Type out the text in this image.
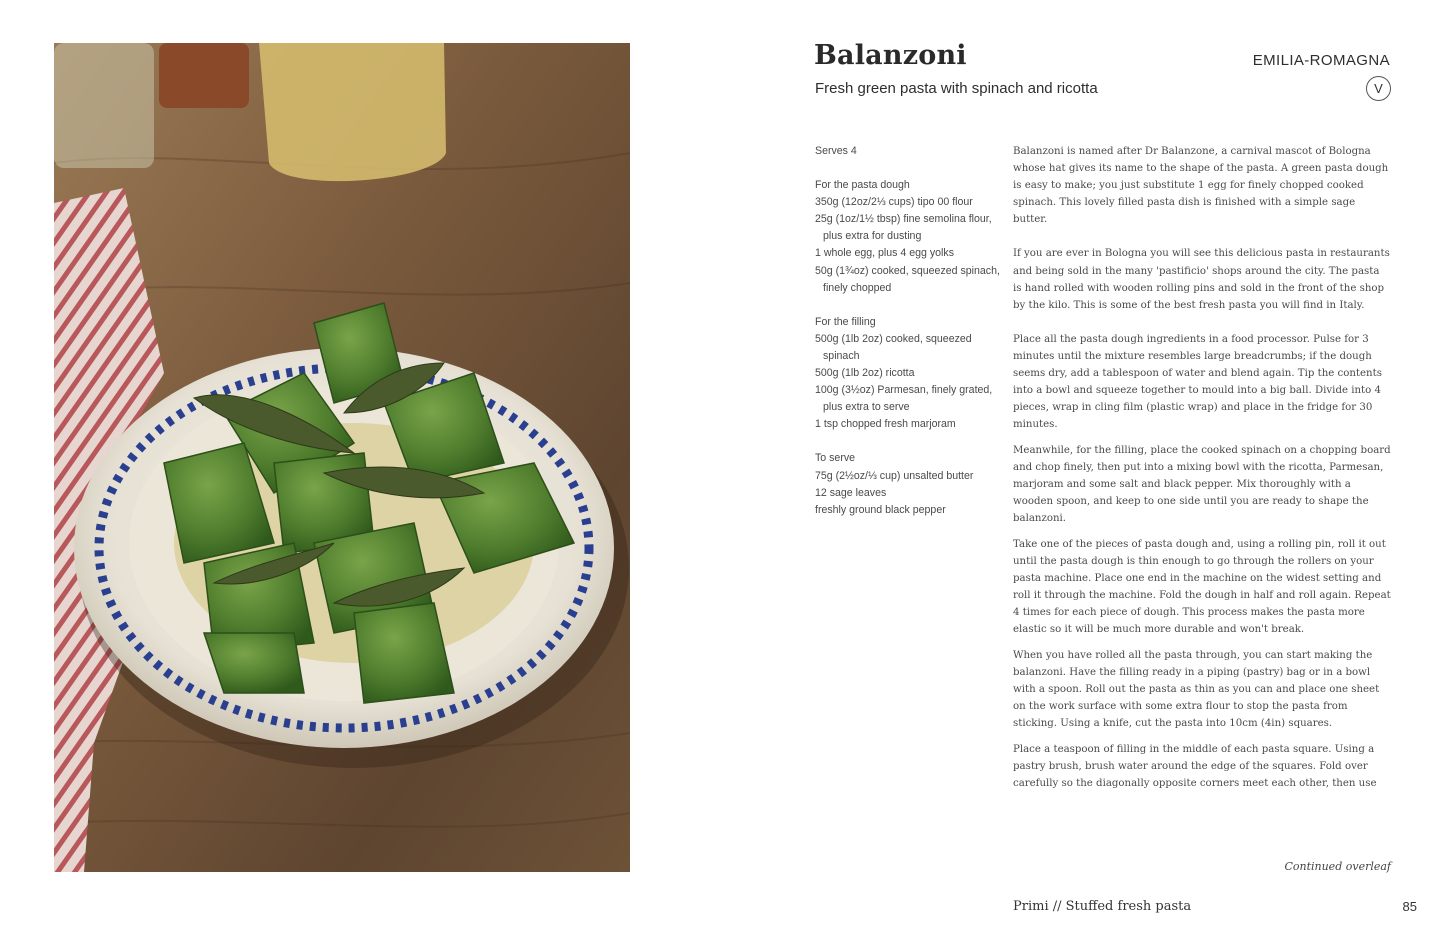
Balanzoni
Fresh green pasta with spinach and ricotta
EMILIA-ROMAGNA
V
Serves 4
For the pasta dough
350g (12oz/2⅓ cups) tipo 00 flour
25g (1oz/1½ tbsp) fine semolina flour, plus extra for dusting
1 whole egg, plus 4 egg yolks
50g (1¾oz) cooked, squeezed spinach, finely chopped
For the filling
500g (1lb 2oz) cooked, squeezed spinach
500g (1lb 2oz) ricotta
100g (3½oz) Parmesan, finely grated, plus extra to serve
1 tsp chopped fresh marjoram
To serve
75g (2½oz/⅓ cup) unsalted butter
12 sage leaves
freshly ground black pepper

Balanzoni is named after Dr Balanzone, a carnival mascot of Bologna whose hat gives its name to the shape of the pasta. A green pasta dough is easy to make; you just substitute 1 egg for finely chopped cooked spinach. This lovely filled pasta dish is finished with a simple sage butter.

If you are ever in Bologna you will see this delicious pasta in restaurants and being sold in the many 'pastificio' shops around the city. The pasta is hand rolled with wooden rolling pins and sold in the front of the shop by the kilo. This is some of the best fresh pasta you will find in Italy.

Place all the pasta dough ingredients in a food processor. Pulse for 3 minutes until the mixture resembles large breadcrumbs; if the dough seems dry, add a tablespoon of water and blend again. Tip the contents into a bowl and squeeze together to mould into a big ball. Divide into 4 pieces, wrap in cling film (plastic wrap) and place in the fridge for 30 minutes.

Meanwhile, for the filling, place the cooked spinach on a chopping board and chop finely, then put into a mixing bowl with the ricotta, Parmesan, marjoram and some salt and black pepper. Mix thoroughly with a wooden spoon, and keep to one side until you are ready to shape the balanzoni.

Take one of the pieces of pasta dough and, using a rolling pin, roll it out until the pasta dough is thin enough to go through the rollers on your pasta machine. Place one end in the machine on the widest setting and roll it through the machine. Fold the dough in half and roll again. Repeat 4 times for each piece of dough. This process makes the pasta more elastic so it will be much more durable and won't break.

When you have rolled all the pasta through, you can start making the balanzoni. Have the filling ready in a piping (pastry) bag or in a bowl with a spoon. Roll out the pasta as thin as you can and place one sheet on the work surface with some extra flour to stop the pasta from sticking. Using a knife, cut the pasta into 10cm (4in) squares.

Place a teaspoon of filling in the middle of each pasta square. Using a pastry brush, brush water around the edge of the squares. Fold over carefully so the diagonally opposite corners meet each other, then use

Continued overleaf
Primi // Stuffed fresh pasta	85
